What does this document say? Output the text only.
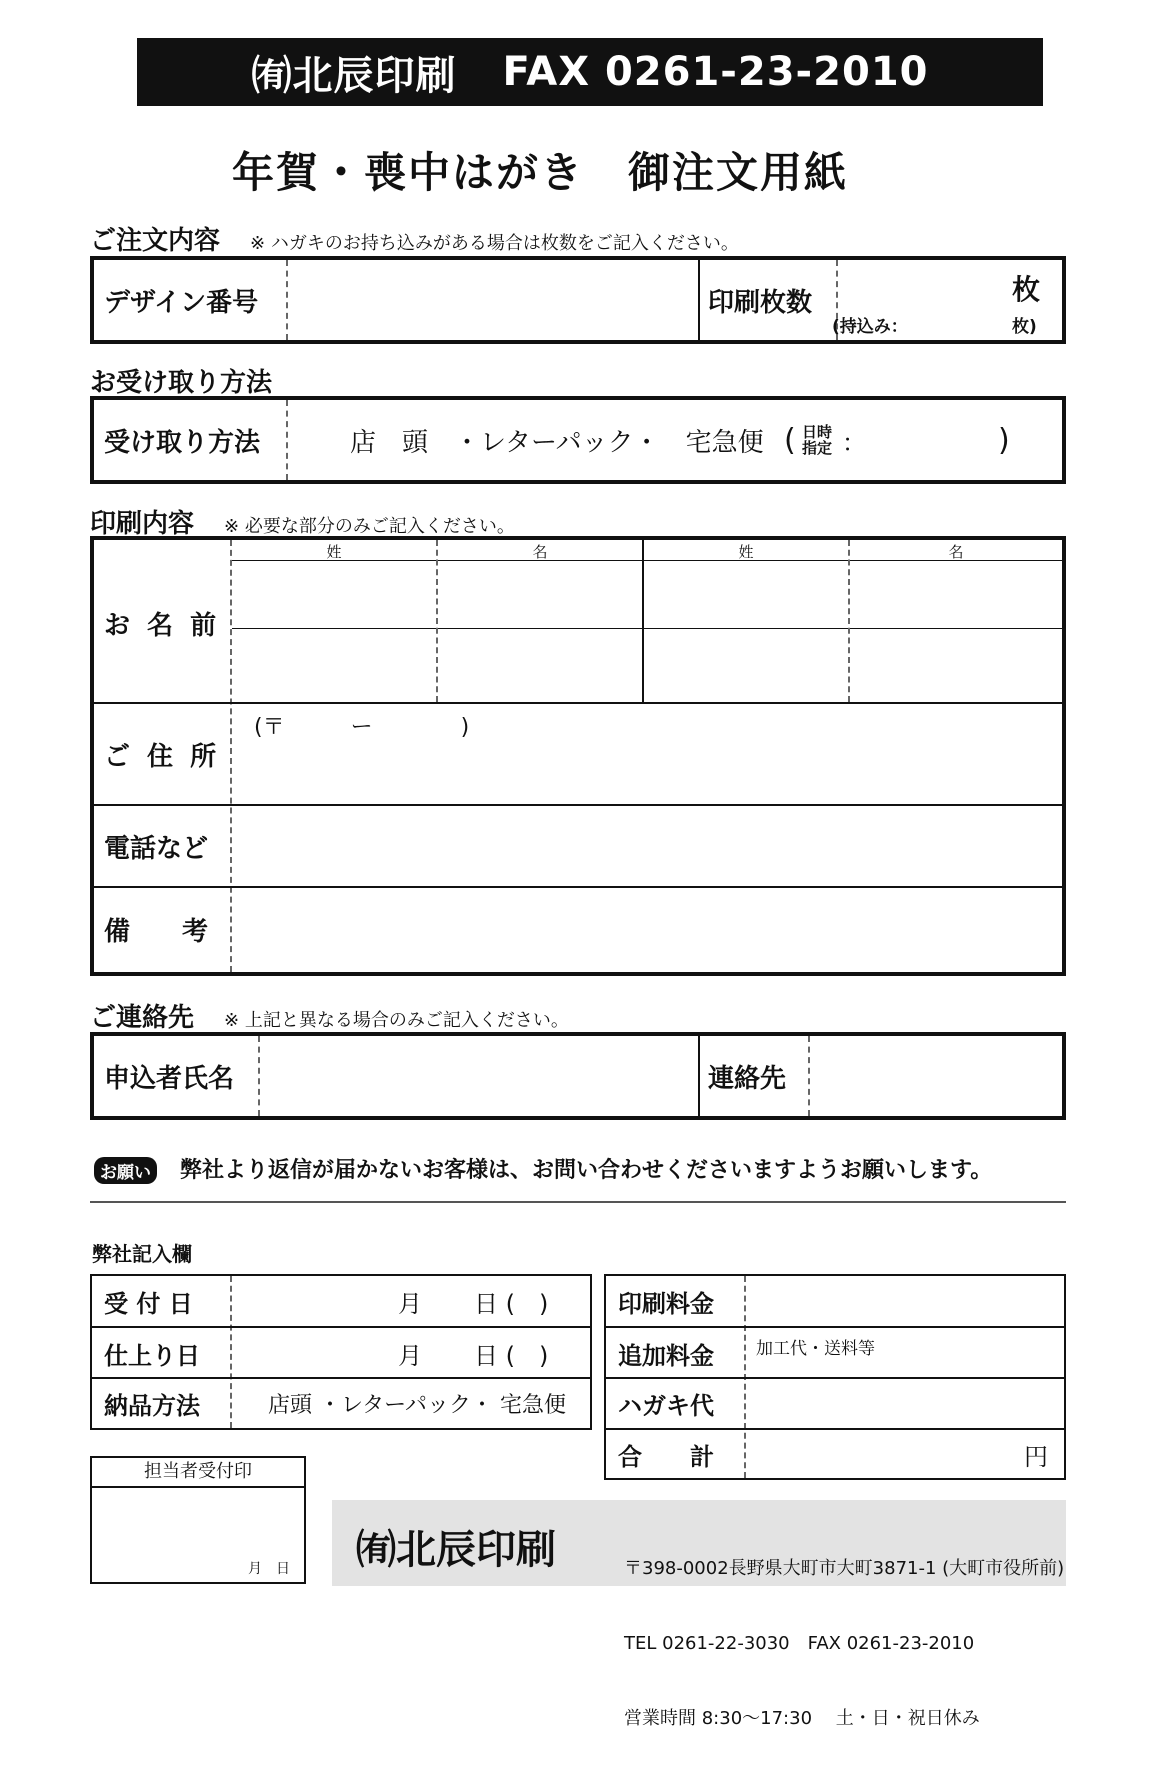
㈲北辰印刷 FAX 0261-23-2010
年賀・喪中はがき　御注文用紙
ご注文内容 ※ ハガキのお持ち込みがある場合は枚数をご記入ください。
デザイン番号	印刷枚数	枚
(持込み：	枚)
お受け取り方法
受け取り方法	店　頭　・レターパック・　宅急便 ( 日時
指定 ：	)
印刷内容 ※ 必要な部分のみご記入ください。
お 名 前
姓	名	姓	名
ご 住 所
(〒　　　ー　　　　)
電話など
備　　考
ご連絡先 ※ 上記と異なる場合のみご記入ください。
申込者氏名	連絡先
お願い 弊社より返信が届かないお客様は、お問い合わせくださいますようお願いします。
弊社記入欄
受 付 日	月 日 (　)
仕上り日	月 日 (　)
納品方法	店頭 ・レターパック・ 宅急便
印刷料金
追加料金	加工代・送料等
ハガキ代
合　　計	円
担当者受付印
月　日 ㈲北辰印刷

	〒398-0002長野県大町市大町3871-1 (大町市役所前)

TEL 0261-22-3030　FAX 0261-23-2010

営業時間 8:30〜17:30　 土・日・祝日休み
